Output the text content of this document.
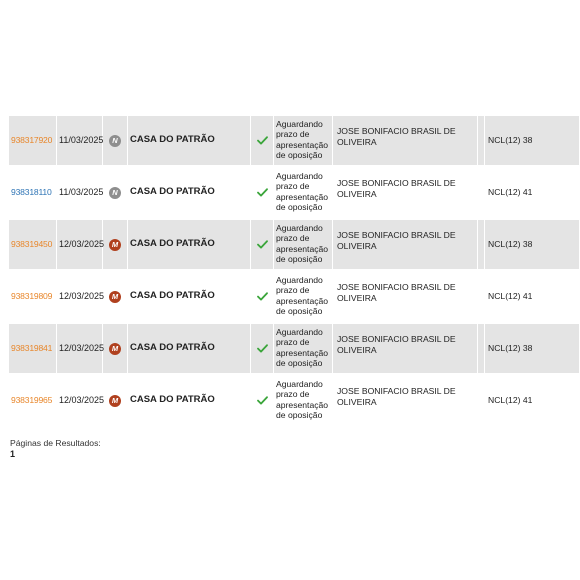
938317920	11/03/2025	N	CASA DO PATRÃO		Aguardando prazo de apresentação de oposição	JOSE BONIFACIO BRASIL DE OLIVEIRA		NCL(12) 38
938318110	11/03/2025	N	CASA DO PATRÃO		Aguardando prazo de apresentação de oposição	JOSE BONIFACIO BRASIL DE OLIVEIRA		NCL(12) 41
938319450	12/03/2025	M	CASA DO PATRÃO		Aguardando prazo de apresentação de oposição	JOSE BONIFACIO BRASIL DE OLIVEIRA		NCL(12) 38
938319809	12/03/2025	M	CASA DO PATRÃO		Aguardando prazo de apresentação de oposição	JOSE BONIFACIO BRASIL DE OLIVEIRA		NCL(12) 41
938319841	12/03/2025	M	CASA DO PATRÃO		Aguardando prazo de apresentação de oposição	JOSE BONIFACIO BRASIL DE OLIVEIRA		NCL(12) 38
938319965	12/03/2025	M	CASA DO PATRÃO		Aguardando prazo de apresentação de oposição	JOSE BONIFACIO BRASIL DE OLIVEIRA		NCL(12) 41
Páginas de Resultados:
1
